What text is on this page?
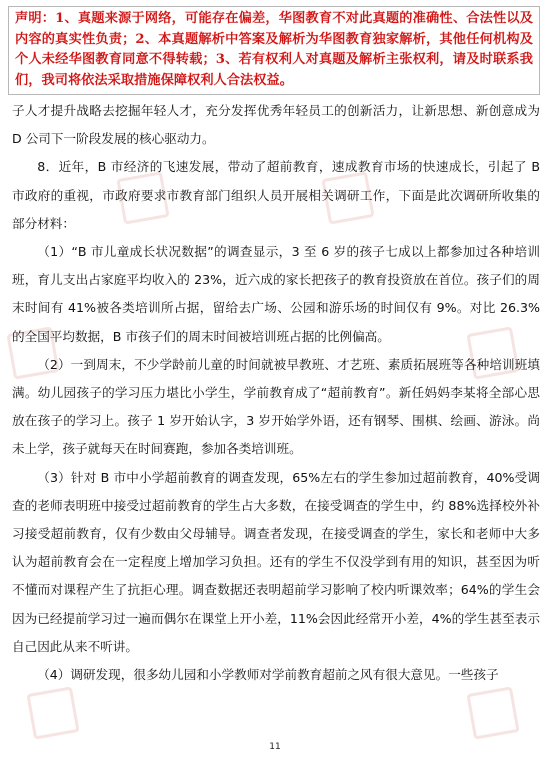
声明：1、真题来源于网络，可能存在偏差，华图教育不对此真题的准确性、合法性以及内容的真实性负责；2、本真题解析中答案及解析为华图教育独家解析，其他任何机构及个人未经华图教育同意不得转载；3、若有权利人对真题及解析主张权利，请及时联系我们，我司将依法采取措施保障权利人合法权益。

子人才提升战略去挖掘年轻人才，充分发挥优秀年轻员工的创新活力，让新思想、新创意成为 D 公司下一阶段发展的核心驱动力。

8．近年，B 市经济的飞速发展，带动了超前教育，速成教育市场的快速成长，引起了 B 市政府的重视，市政府要求市教育部门组织人员开展相关调研工作，下面是此次调研所收集的部分材料：

（1）“B 市儿童成长状况数据”的调查显示，3 至 6 岁的孩子七成以上都参加过各种培训班，育儿支出占家庭平均收入的 23%，近六成的家长把孩子的教育投资放在首位。孩子们的周末时间有 41%被各类培训所占据，留给去广场、公园和游乐场的时间仅有 9%。对比 26.3%的全国平均数据，B 市孩子们的周末时间被培训班占据的比例偏高。

（2）一到周末，不少学龄前儿童的时间就被早教班、才艺班、素质拓展班等各种培训班填满。幼儿园孩子的学习压力堪比小学生，学前教育成了“超前教育”。新任妈妈李某将全部心思放在孩子的学习上。孩子 1 岁开始认字，3 岁开始学外语，还有钢琴、围棋、绘画、游泳。尚未上学，孩子就每天在时间赛跑，参加各类培训班。

（3）针对 B 市中小学超前教育的调查发现，65%左右的学生参加过超前教育，40%受调查的老师表明班中接受过超前教育的学生占大多数，在接受调查的学生中，约 88%选择校外补习接受超前教育，仅有少数由父母辅导。调查者发现，在接受调查的学生，家长和老师中大多认为超前教育会在一定程度上增加学习负担。还有的学生不仅没学到有用的知识，甚至因为听不懂而对课程产生了抗拒心理。调查数据还表明超前学习影响了校内听课效率；64%的学生会因为已经提前学习过一遍而偶尔在课堂上开小差，11%会因此经常开小差，4%的学生甚至表示自己因此从来不听讲。

（4）调研发现，很多幼儿园和小学教师对学前教育超前之风有很大意见。一些孩子

11
